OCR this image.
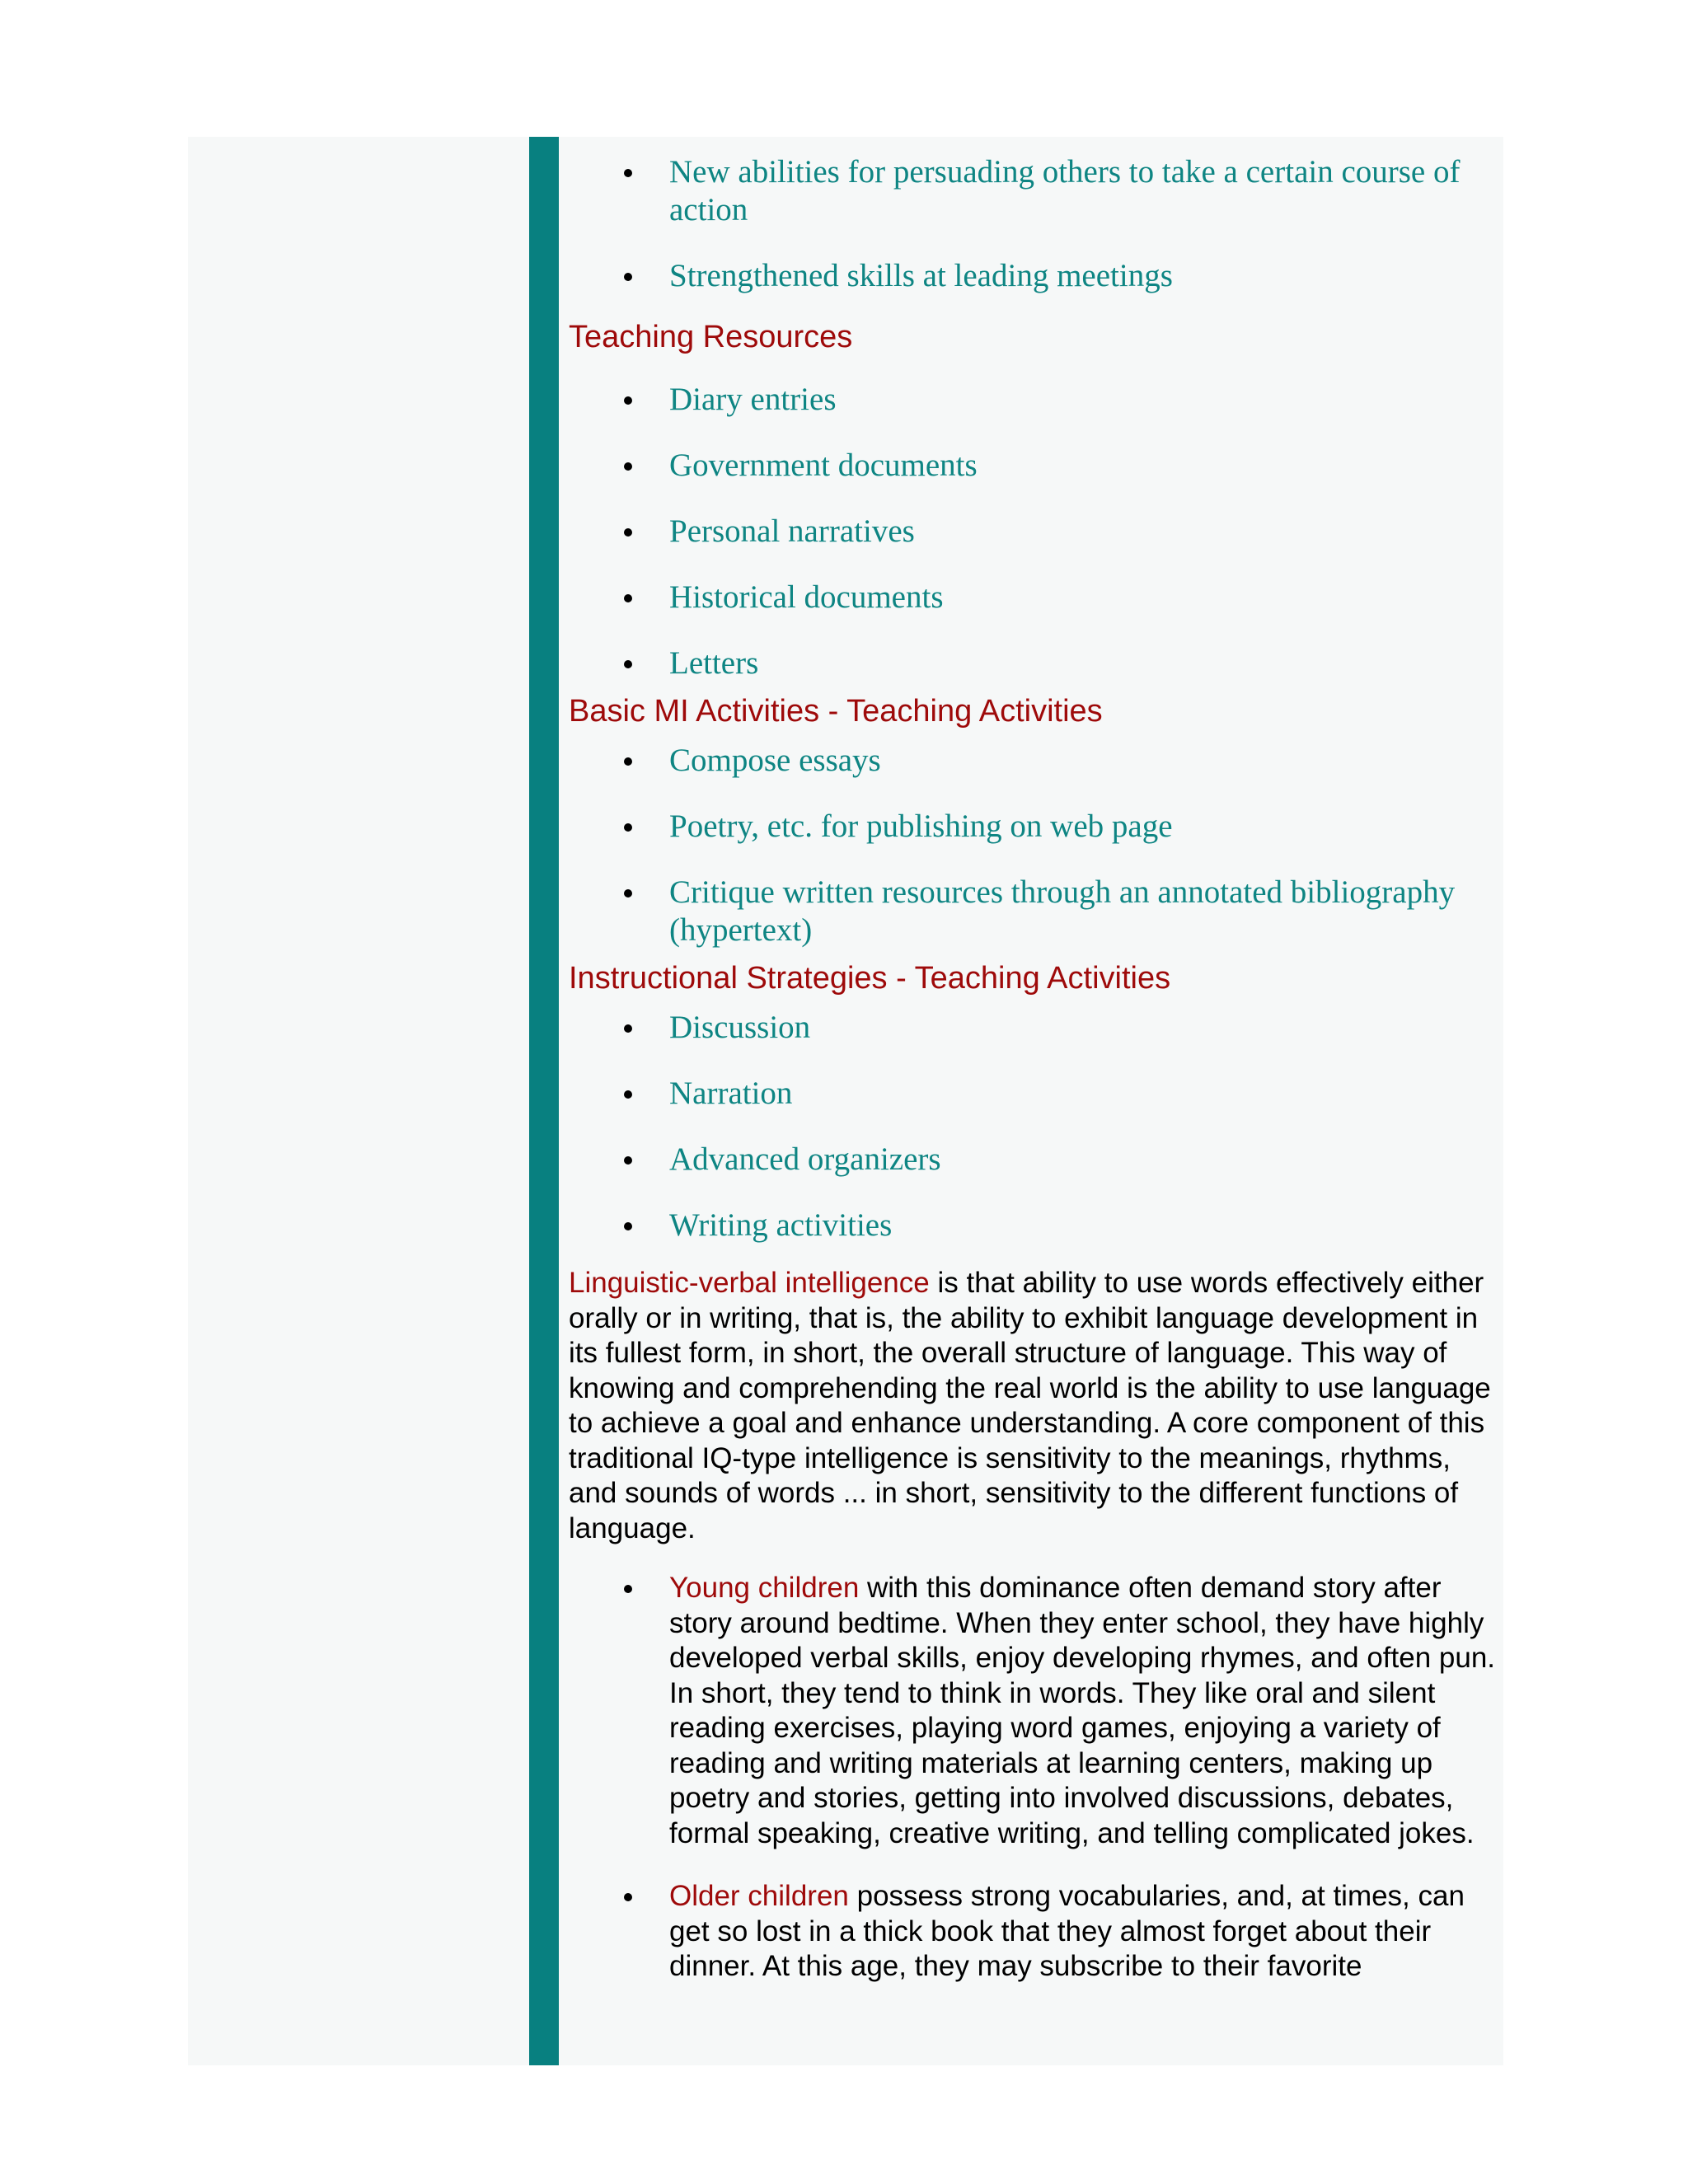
New abilities for persuading others to take a certain course of action
Strengthened skills at leading meetings
Teaching Resources
Diary entries
Government documents
Personal narratives
Historical documents
Letters
Basic MI Activities - Teaching Activities
Compose essays
Poetry, etc. for publishing on web page
Critique written resources through an annotated bibliography (hypertext)
Instructional Strategies - Teaching Activities
Discussion
Narration
Advanced organizers
Writing activities

Linguistic-verbal intelligence is that ability to use words effectively either orally or in writing, that is, the ability to exhibit language development in its fullest form, in short, the overall structure of language. This way of knowing and comprehending the real world is the ability to use language to achieve a goal and enhance understanding. A core component of this traditional IQ-type intelligence is sensitivity to the meanings, rhythms, and sounds of words ... in short, sensitivity to the different functions of language.

Young children with this dominance often demand story after story around bedtime. When they enter school, they have highly developed verbal skills, enjoy developing rhymes, and often pun. In short, they tend to think in words. They like oral and silent reading exercises, playing word games, enjoying a variety of reading and writing materials at learning centers, making up poetry and stories, getting into involved discussions, debates, formal speaking, creative writing, and telling complicated jokes.
Older children possess strong vocabularies, and, at times, can get so lost in a thick book that they almost forget about their dinner. At this age, they may subscribe to their favorite
